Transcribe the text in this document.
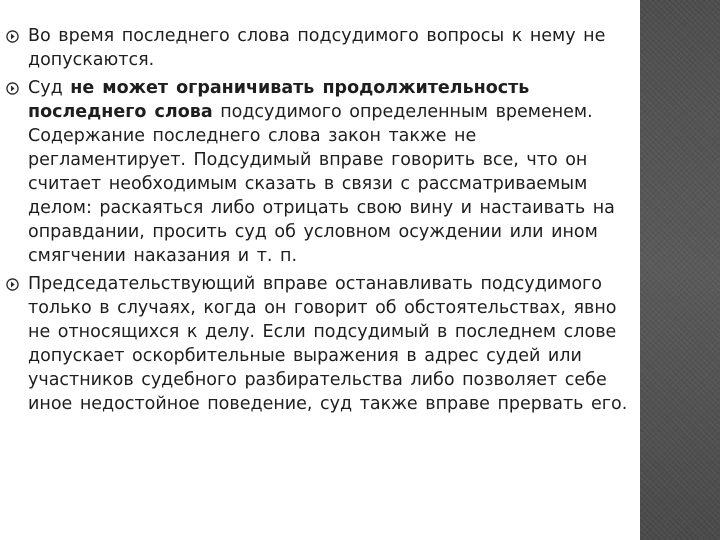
Во время последнего слова подсудимого вопросы к нему не допускаются.
Суд не может ограничивать продолжительность последнего слова подсудимого определенным временем. Содержание последнего слова закон также не регламентирует. Подсудимый вправе говорить все, что он считает необходимым сказать в связи с рассматриваемым делом: раскаяться либо отрицать свою вину и настаивать на оправдании, просить суд об условном осуждении или ином смягчении наказания и т. п.
Председательствующий вправе останавливать подсудимого только в случаях, когда он говорит об обстоятельствах, явно не относящихся к делу. Если подсудимый в последнем слове допускает оскорбительные выражения в адрес судей или участников судебного разбирательства либо позволяет себе иное недостойное поведение, суд также вправе прервать его.
